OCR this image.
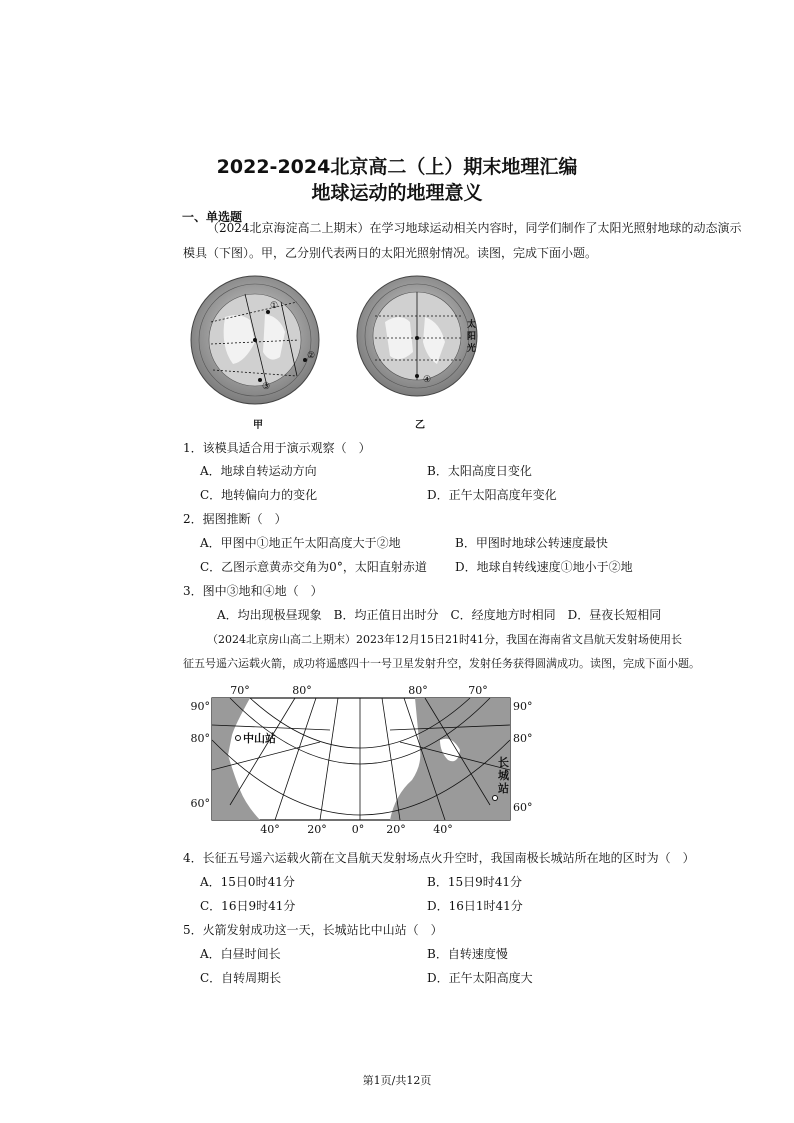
2022-2024北京高二（上）期末地理汇编
地球运动的地理意义
一、单选题
（2024北京海淀高二上期末）在学习地球运动相关内容时，同学们制作了太阳光照射地球的动态演示
模具（下图）。甲，乙分别代表两日的太阳光照射情况。读图，完成下面小题。
①
②
③
④
太
阳
光
甲	乙
1．该模具适合用于演示观察（　）
A．地球自转运动方向	B．太阳高度日变化
C．地转偏向力的变化	D．正午太阳高度年变化
2．据图推断（　）
A．甲图中①地正午太阳高度大于②地	B．甲图时地球公转速度最快
C．乙图示意黄赤交角为0°，太阳直射赤道 D．地球自转线速度①地小于②地
3．图中③地和④地（　）
A．均出现极昼现象　B．均正值日出时分　C．经度地方时相同　D．昼夜长短相同
（2024北京房山高二上期末）2023年12月15日21时41分，我国在海南省文昌航天发射场使用长
征五号遥六运载火箭，成功将遥感四十一号卫星发射升空，发射任务获得圆满成功。读图，完成下面小题。
中山站
长
城
站
70°	80°	80°	70°
40°	20° 0° 20°	40°
90°
80°
60°
90°
80°
60°
4．长征五号遥六运载火箭在文昌航天发射场点火升空时，我国南极长城站所在地的区时为（　）
A．15日0时41分	B．15日9时41分
C．16日9时41分	D．16日1时41分
5．火箭发射成功这一天，长城站比中山站（　）
A．白昼时间长	B．自转速度慢
C．自转周期长	D．正午太阳高度大
第1页/共12页
